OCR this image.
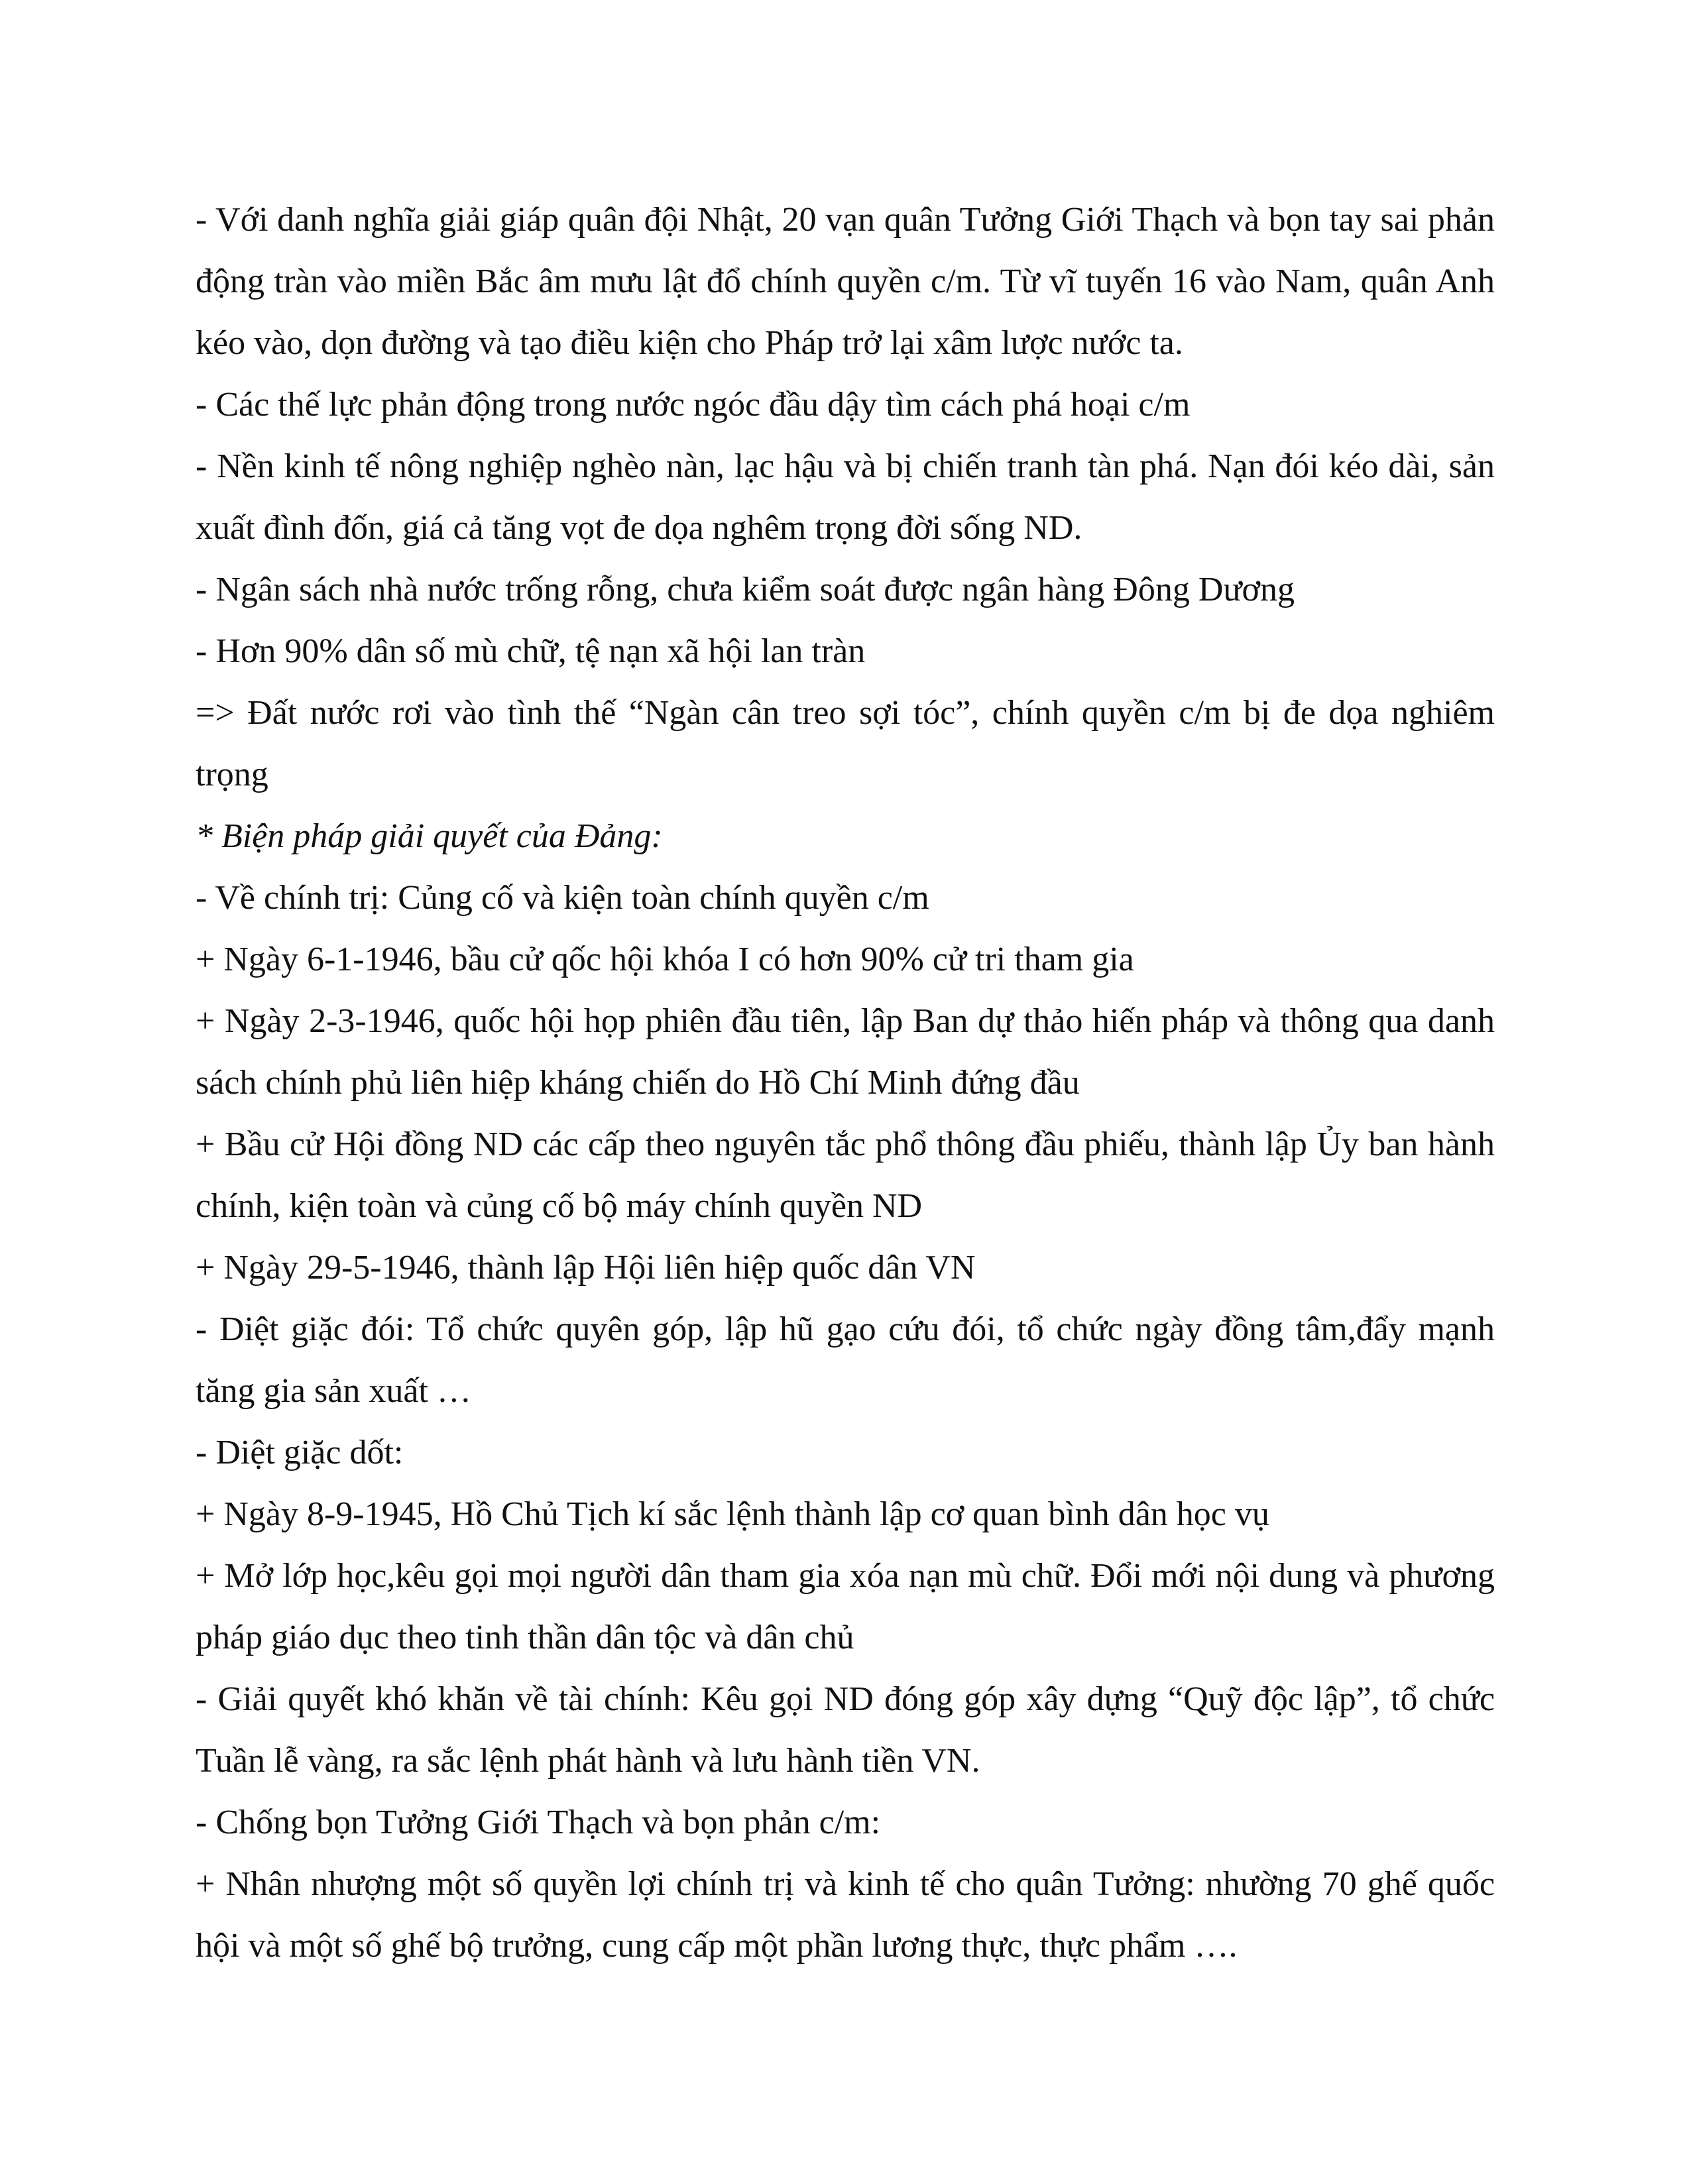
- Với danh nghĩa giải giáp quân đội Nhật, 20 vạn quân Tưởng Giới Thạch và bọn tay sai phản động tràn vào miền Bắc âm mưu lật đổ chính quyền c/m. Từ vĩ tuyến 16 vào Nam, quân Anh kéo vào, dọn đường và tạo điều kiện cho Pháp trở lại xâm lược nước ta.

- Các thế lực phản động trong nước ngóc đầu dậy tìm cách phá hoại c/m

- Nền kinh tế nông nghiệp nghèo nàn, lạc hậu và bị chiến tranh tàn phá. Nạn đói kéo dài, sản xuất đình đốn, giá cả tăng vọt đe dọa nghêm trọng đời sống ND.

- Ngân sách nhà nước trống rỗng, chưa kiểm soát được ngân hàng Đông Dương

- Hơn 90% dân số mù chữ, tệ nạn xã hội lan tràn

=> Đất nước rơi vào tình thế “Ngàn cân treo sợi tóc”, chính quyền c/m bị đe dọa nghiêm trọng

* Biện pháp giải quyết của Đảng:

- Về chính trị: Củng cố và kiện toàn chính quyền c/m

+ Ngày 6-1-1946, bầu cử qốc hội khóa I có hơn 90% cử tri tham gia

+ Ngày 2-3-1946, quốc hội họp phiên đầu tiên, lập Ban dự thảo hiến pháp và thông qua danh sách chính phủ liên hiệp kháng chiến do Hồ Chí Minh đứng đầu

+ Bầu cử Hội đồng ND các cấp theo nguyên tắc phổ thông đầu phiếu, thành lập Ủy ban hành chính, kiện toàn và củng cố bộ máy chính quyền ND

+ Ngày 29-5-1946, thành lập Hội liên hiệp quốc dân VN

- Diệt giặc đói: Tổ chức quyên góp, lập hũ gạo cứu đói, tổ chức ngày đồng tâm,đẩy mạnh tăng gia sản xuất …

- Diệt giặc dốt:

+ Ngày 8-9-1945, Hồ Chủ Tịch kí sắc lệnh thành lập cơ quan bình dân học vụ

+ Mở lớp học,kêu gọi mọi người dân tham gia xóa nạn mù chữ. Đổi mới nội dung và phương pháp giáo dục theo tinh thần dân tộc và dân chủ

- Giải quyết khó khăn về tài chính: Kêu gọi ND đóng góp xây dựng “Quỹ độc lập”, tổ chức Tuần lễ vàng, ra sắc lệnh phát hành và lưu hành tiền VN.

- Chống bọn Tưởng Giới Thạch và bọn phản c/m:

+ Nhân nhượng một số quyền lợi chính trị và kinh tế cho quân Tưởng: nhường 70 ghế quốc hội và một số ghế bộ trưởng, cung cấp một phần lương thực, thực phẩm ….
